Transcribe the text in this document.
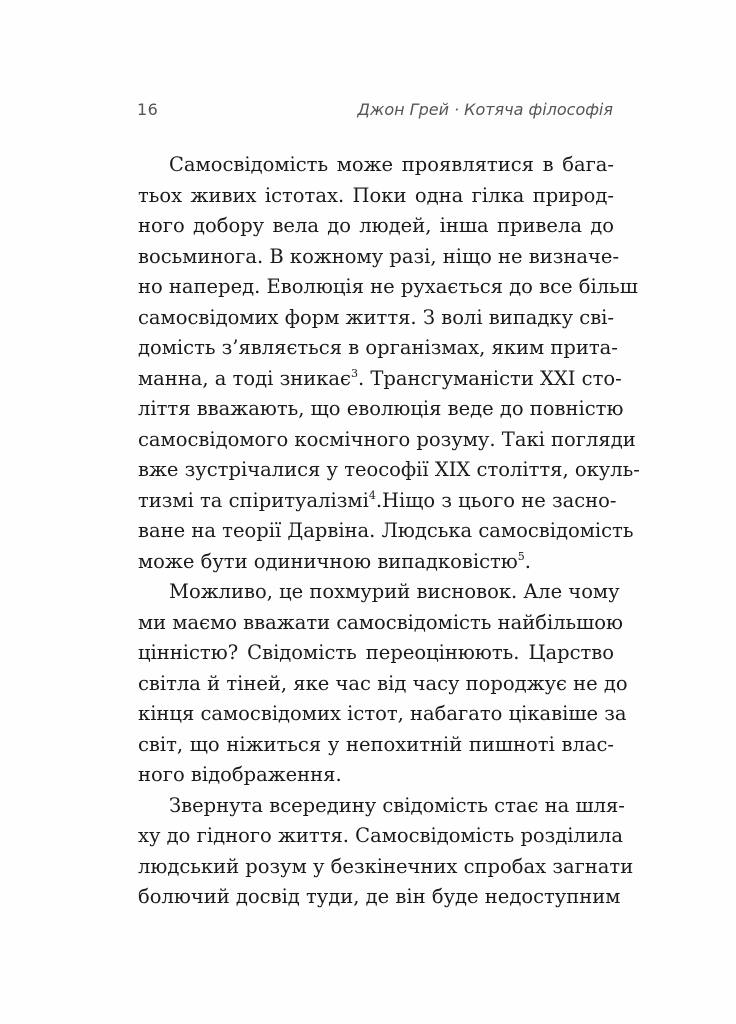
16	Джон Грей · Котяча філософія
Самосвідомість може проявлятися в бага-
тьох живих істотах. Поки одна гілка природ-
ного добору вела до людей, інша привела до
восьминога. В кожному разі, ніщо не визначе-
но наперед. Еволюція не рухається до все більш
самосвідомих форм життя. З волі випадку сві-
домість з’являється в організмах, яким прита-
манна, а тоді зникає$^3$. Трансгуманісти XXI сто-
ліття вважають, що еволюція веде до повністю
самосвідомого космічного розуму. Такі погляди
вже зустрічалися у теософії XIX століття, окуль-
тизмі та спіритуалізмі$^4$.Ніщо з цього не засно-
ване на теорії Дарвіна. Людська самосвідомість
може бути одиничною випадковістю$^5$.
Можливо, це похмурий висновок. Але чому
ми маємо вважати самосвідомість найбільшою
цінністю? Свідомість переоцінюють. Царство
світла й тіней, яке час від часу породжує не до
кінця самосвідомих істот, набагато цікавіше за
світ, що ніжиться у непохитній пишноті влас-
ного відображення.
Звернута всередину свідомість стає на шля-
ху до гідного життя. Самосвідомість розділила
людський розум у безкінечних спробах загнати
болючий досвід туди, де він буде недоступним
